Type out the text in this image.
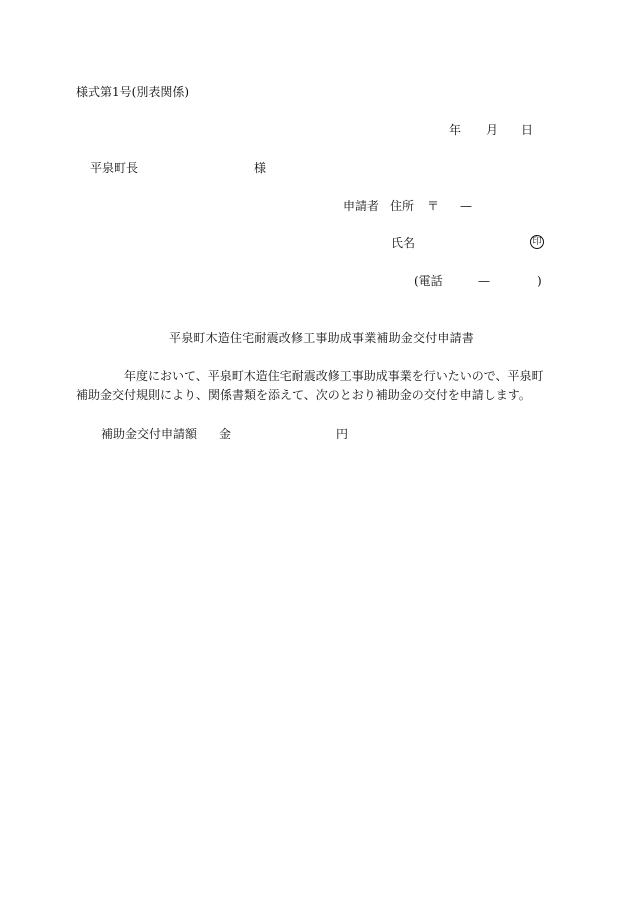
様式第1号(別表関係)
年 月 日
平泉町長	様
申請者 住所 〒 —
氏名	印
(電話	—	)
平泉町木造住宅耐震改修工事助成事業補助金交付申請書
年度において、平泉町木造住宅耐震改修工事助成事業を行いたいので、平泉町
補助金交付規則により、関係書類を添えて、次のとおり補助金の交付を申請します。
補助金交付申請額 金	円
